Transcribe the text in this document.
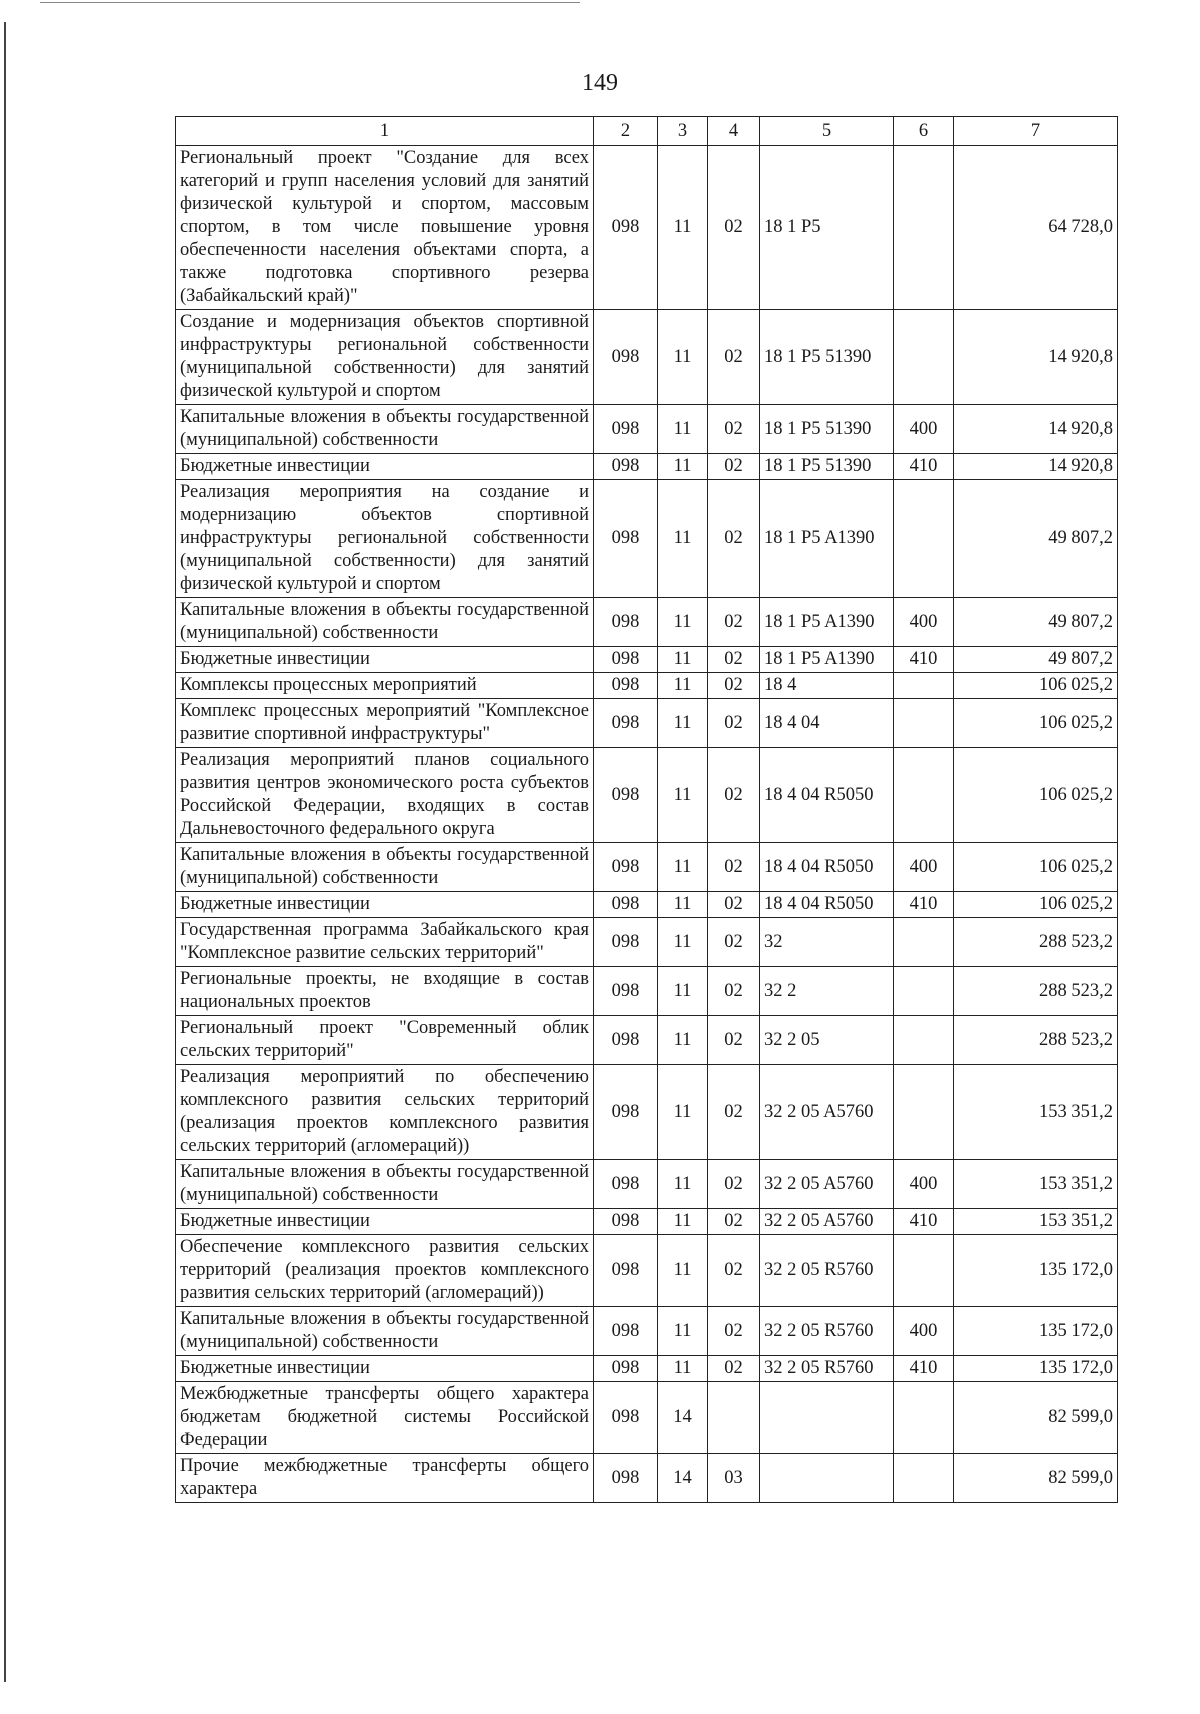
149
1	2	3	4	5	6	7
Региональный проект "Создание для всех категорий и групп населения условий для занятий физической культурой и спортом, массовым спортом, в том числе повышение уровня обеспеченности населения объектами спорта, а также подготовка спортивного резерва (Забайкальский край)"	098	11	02	18 1 P5		64 728,0
Создание и модернизация объектов спортивной инфраструктуры региональной собственности (муниципальной собственности) для занятий физической культурой и спортом	098	11	02	18 1 P5 51390		14 920,8
Капитальные вложения в объекты государственной (муниципальной) собственности	098	11	02	18 1 P5 51390	400	14 920,8
Бюджетные инвестиции	098	11	02	18 1 P5 51390	410	14 920,8
Реализация мероприятия на создание и модернизацию объектов спортивной инфраструктуры региональной собственности (муниципальной собственности) для занятий физической культурой и спортом	098	11	02	18 1 P5 A1390		49 807,2
Капитальные вложения в объекты государственной (муниципальной) собственности	098	11	02	18 1 P5 A1390	400	49 807,2
Бюджетные инвестиции	098	11	02	18 1 P5 A1390	410	49 807,2
Комплексы процессных мероприятий	098	11	02	18 4		106 025,2
Комплекс процессных мероприятий "Комплексное развитие спортивной инфраструктуры"	098	11	02	18 4 04		106 025,2
Реализация мероприятий планов социального развития центров экономического роста субъектов Российской Федерации, входящих в состав Дальневосточного федерального округа	098	11	02	18 4 04 R5050		106 025,2
Капитальные вложения в объекты государственной (муниципальной) собственности	098	11	02	18 4 04 R5050	400	106 025,2
Бюджетные инвестиции	098	11	02	18 4 04 R5050	410	106 025,2
Государственная программа Забайкальского края "Комплексное развитие сельских территорий"	098	11	02	32		288 523,2
Региональные проекты, не входящие в состав национальных проектов	098	11	02	32 2		288 523,2
Региональный проект "Современный облик сельских территорий"	098	11	02	32 2 05		288 523,2
Реализация мероприятий по обеспечению комплексного развития сельских территорий (реализация проектов комплексного развития сельских территорий (агломераций))	098	11	02	32 2 05 A5760		153 351,2
Капитальные вложения в объекты государственной (муниципальной) собственности	098	11	02	32 2 05 A5760	400	153 351,2
Бюджетные инвестиции	098	11	02	32 2 05 A5760	410	153 351,2
Обеспечение комплексного развития сельских территорий (реализация проектов комплексного развития сельских территорий (агломераций))	098	11	02	32 2 05 R5760		135 172,0
Капитальные вложения в объекты государственной (муниципальной) собственности	098	11	02	32 2 05 R5760	400	135 172,0
Бюджетные инвестиции	098	11	02	32 2 05 R5760	410	135 172,0
Межбюджетные трансферты общего характера бюджетам бюджетной системы Российской Федерации	098	14				82 599,0
Прочие межбюджетные трансферты общего характера	098	14	03			82 599,0
